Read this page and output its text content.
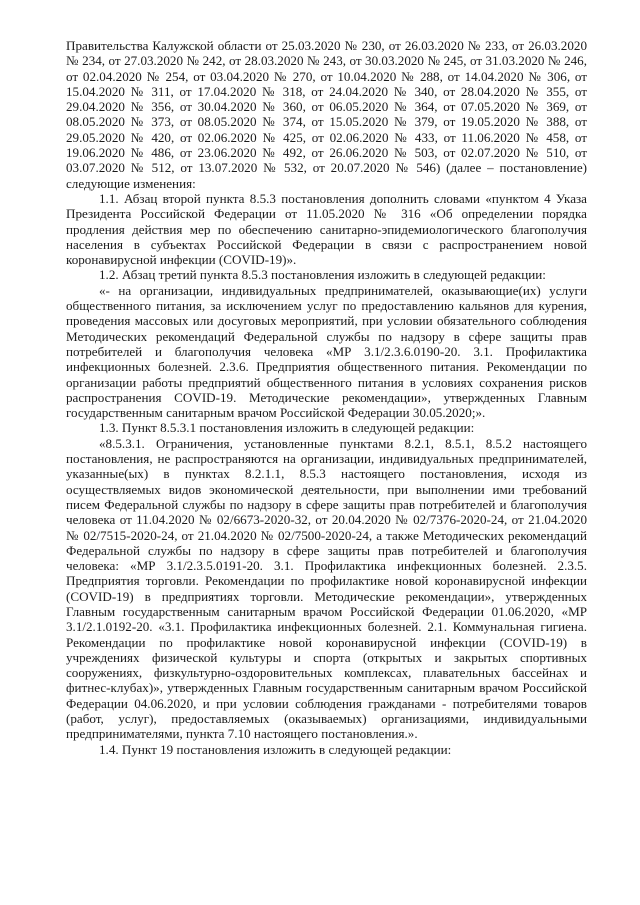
Правительства Калужской области от 25.03.2020 № 230, от 26.03.2020 № 233, от 26.03.2020 № 234, от 27.03.2020 № 242, от 28.03.2020 № 243, от 30.03.2020 № 245, от 31.03.2020 № 246, от 02.04.2020 № 254, от 03.04.2020 № 270, от 10.04.2020 № 288, от 14.04.2020 № 306, от 15.04.2020 № 311, от 17.04.2020 № 318, от 24.04.2020 № 340, от 28.04.2020 № 355, от 29.04.2020 № 356, от 30.04.2020 № 360, от 06.05.2020 № 364, от 07.05.2020 № 369, от 08.05.2020 № 373, от 08.05.2020 № 374, от 15.05.2020 № 379, от 19.05.2020 № 388, от 29.05.2020 № 420, от 02.06.2020 № 425, от 02.06.2020 № 433, от 11.06.2020 № 458, от 19.06.2020 № 486, от 23.06.2020 № 492, от 26.06.2020 № 503, от 02.07.2020 № 510, от 03.07.2020 № 512, от 13.07.2020 № 532, от 20.07.2020 № 546) (далее – постановление) следующие изменения:

1.1. Абзац второй пункта 8.5.3 постановления дополнить словами «пунктом 4 Указа Президента Российской Федерации от 11.05.2020 № 316 «Об определении порядка продления действия мер по обеспечению санитарно-эпидемиологического благополучия населения в субъектах Российской Федерации в связи с распространением новой коронавирусной инфекции (COVID-19)».

1.2. Абзац третий пункта 8.5.3 постановления изложить в следующей редакции:

«- на организации, индивидуальных предпринимателей, оказывающие(их) услуги общественного питания, за исключением услуг по предоставлению кальянов для курения, проведения массовых или досуговых мероприятий, при условии обязательного соблюдения Методических рекомендаций Федеральной службы по надзору в сфере защиты прав потребителей и благополучия человека «МР 3.1/2.3.6.0190-20. 3.1. Профилактика инфекционных болезней. 2.3.6. Предприятия общественного питания. Рекомендации по организации работы предприятий общественного питания в условиях сохранения рисков распространения COVID-19. Методические рекомендации», утвержденных Главным государственным санитарным врачом Российской Федерации 30.05.2020;».

1.3. Пункт 8.5.3.1 постановления изложить в следующей редакции:

«8.5.3.1. Ограничения, установленные пунктами 8.2.1, 8.5.1, 8.5.2 настоящего постановления, не распространяются на организации, индивидуальных предпринимателей, указанные(ых) в пунктах 8.2.1.1, 8.5.3 настоящего постановления, исходя из осуществляемых видов экономической деятельности, при выполнении ими требований писем Федеральной службы по надзору в сфере защиты прав потребителей и благополучия человека от 11.04.2020 № 02/6673-2020-32, от 20.04.2020 № 02/7376-2020-24, от 21.04.2020 № 02/7515-2020-24, от 21.04.2020 № 02/7500-2020-24, а также Методических рекомендаций Федеральной службы по надзору в сфере защиты прав потребителей и благополучия человека: «МР 3.1/2.3.5.0191-20. 3.1. Профилактика инфекционных болезней. 2.3.5. Предприятия торговли. Рекомендации по профилактике новой коронавирусной инфекции (COVID-19) в предприятиях торговли. Методические рекомендации», утвержденных Главным государственным санитарным врачом Российской Федерации 01.06.2020, «МР 3.1/2.1.0192-20. «3.1. Профилактика инфекционных болезней. 2.1. Коммунальная гигиена. Рекомендации по профилактике новой коронавирусной инфекции (COVID-19) в учреждениях физической культуры и спорта (открытых и закрытых спортивных сооружениях, физкультурно-оздоровительных комплексах, плавательных бассейнах и фитнес-клубах)», утвержденных Главным государственным санитарным врачом Российской Федерации 04.06.2020, и при условии соблюдения гражданами - потребителями товаров (работ, услуг), предоставляемых (оказываемых) организациями, индивидуальными предпринимателями, пункта 7.10 настоящего постановления.».

1.4. Пункт 19 постановления изложить в следующей редакции:
